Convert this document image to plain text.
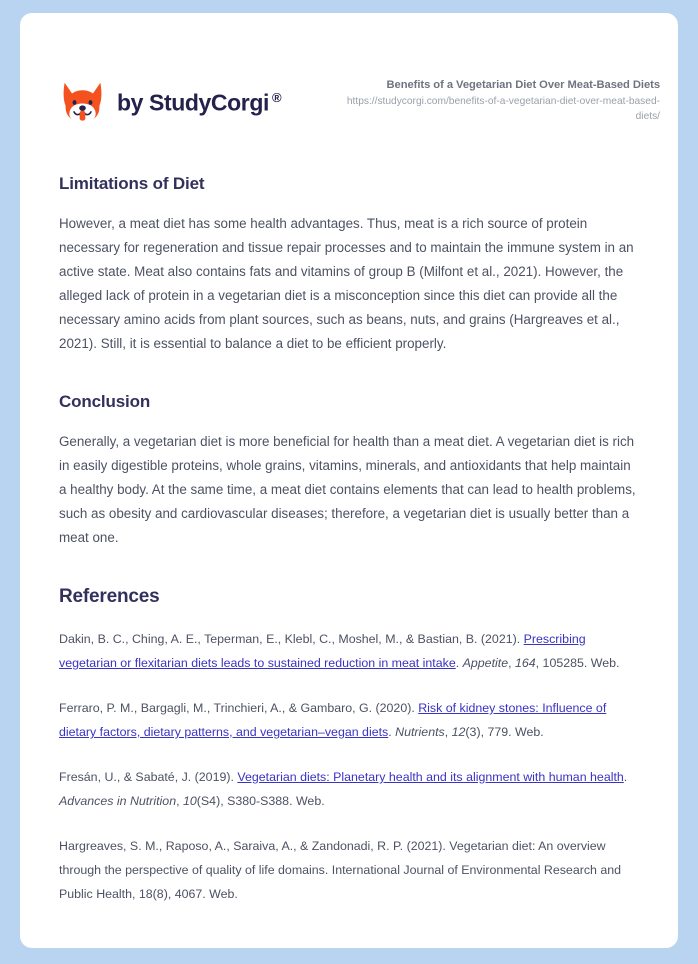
by StudyCorgi ®
Benefits of a Vegetarian Diet Over Meat-Based Diets
https://studycorgi.com/benefits-of-a-vegetarian-diet-over-meat-based-diets/
Limitations of Diet

However, a meat diet has some health advantages. Thus, meat is a rich source of protein necessary for regeneration and tissue repair processes and to maintain the immune system in an active state. Meat also contains fats and vitamins of group B (Milfont et al., 2021). However, the alleged lack of protein in a vegetarian diet is a misconception since this diet can provide all the necessary amino acids from plant sources, such as beans, nuts, and grains (Hargreaves et al., 2021). Still, it is essential to balance a diet to be efficient properly.

Conclusion

Generally, a vegetarian diet is more beneficial for health than a meat diet. A vegetarian diet is rich in easily digestible proteins, whole grains, vitamins, minerals, and antioxidants that help maintain a healthy body. At the same time, a meat diet contains elements that can lead to health problems, such as obesity and cardiovascular diseases; therefore, a vegetarian diet is usually better than a meat one.

References

Dakin, B. C., Ching, A. E., Teperman, E., Klebl, C., Moshel, M., & Bastian, B. (2021). Prescribing vegetarian or flexitarian diets leads to sustained reduction in meat intake. Appetite, 164, 105285. Web.

Ferraro, P. M., Bargagli, M., Trinchieri, A., & Gambaro, G. (2020). Risk of kidney stones: Influence of dietary factors, dietary patterns, and vegetarian–vegan diets. Nutrients, 12(3), 779. Web.

Fresán, U., & Sabaté, J. (2019). Vegetarian diets: Planetary health and its alignment with human health. Advances in Nutrition, 10(S4), S380-S388. Web.

Hargreaves, S. M., Raposo, A., Saraiva, A., & Zandonadi, R. P. (2021). Vegetarian diet: An overview through the perspective of quality of life domains. International Journal of Environmental Research and Public Health, 18(8), 4067. Web.
